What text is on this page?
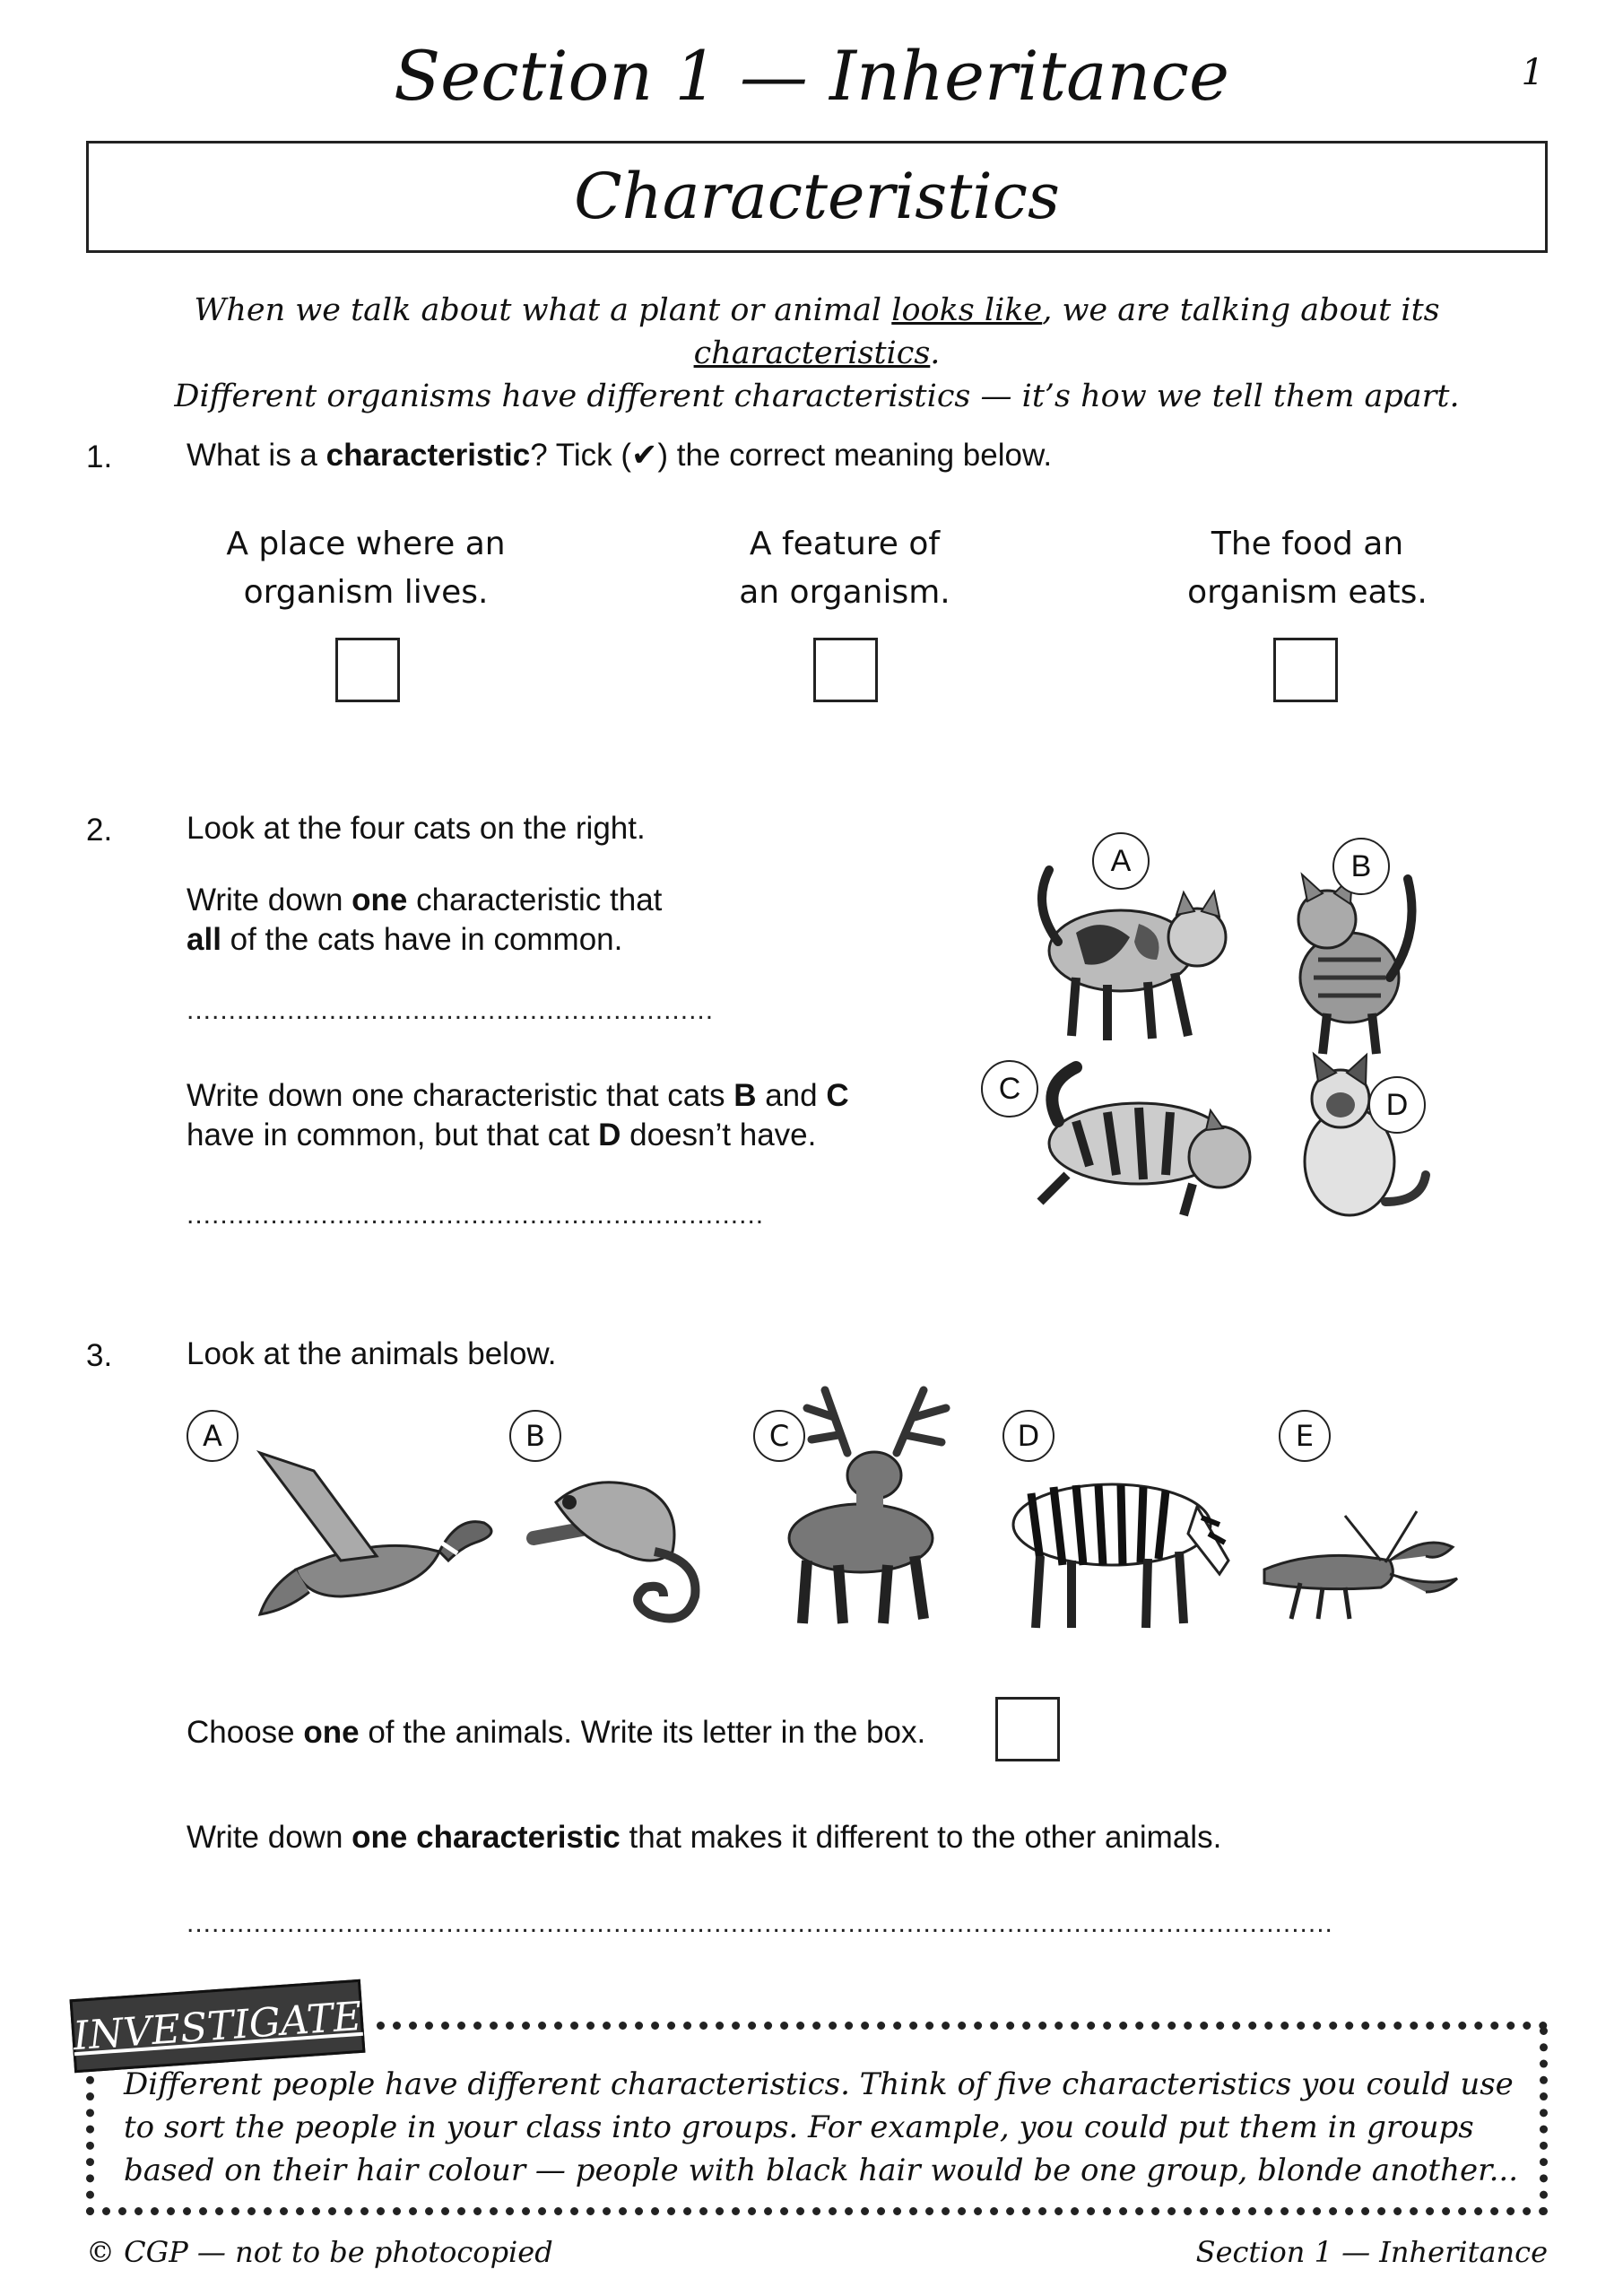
Section 1 — Inheritance	1
Characteristics
When we talk about what a plant or animal looks like, we are talking about its characteristics.
Different organisms have different characteristics — it’s how we tell them apart.
1. What is a characteristic? Tick (✔) the correct meaning below.
A place where an
organism lives.
A feature of
an organism.
The food an
organism eats.
2. Look at the four cats on the right.
Write down one characteristic that
all of the cats have in common.
...............................................................
Write down one characteristic that cats B and C
have in common, but that cat D doesn’t have.
.....................................................................
A	B
C	D
3. Look at the animals below.
A	B	C	D	E
Choose one of the animals. Write its letter in the box.
Write down one characteristic that makes it different to the other animals.
.........................................................................................................................................
INVESTIGATE
Different people have different characteristics. Think of five characteristics you could use
to sort the people in your class into groups. For example, you could put them in groups
based on their hair colour — people with black hair would be one group, blonde another...
© CGP — not to be photocopied	Section 1 — Inheritance
